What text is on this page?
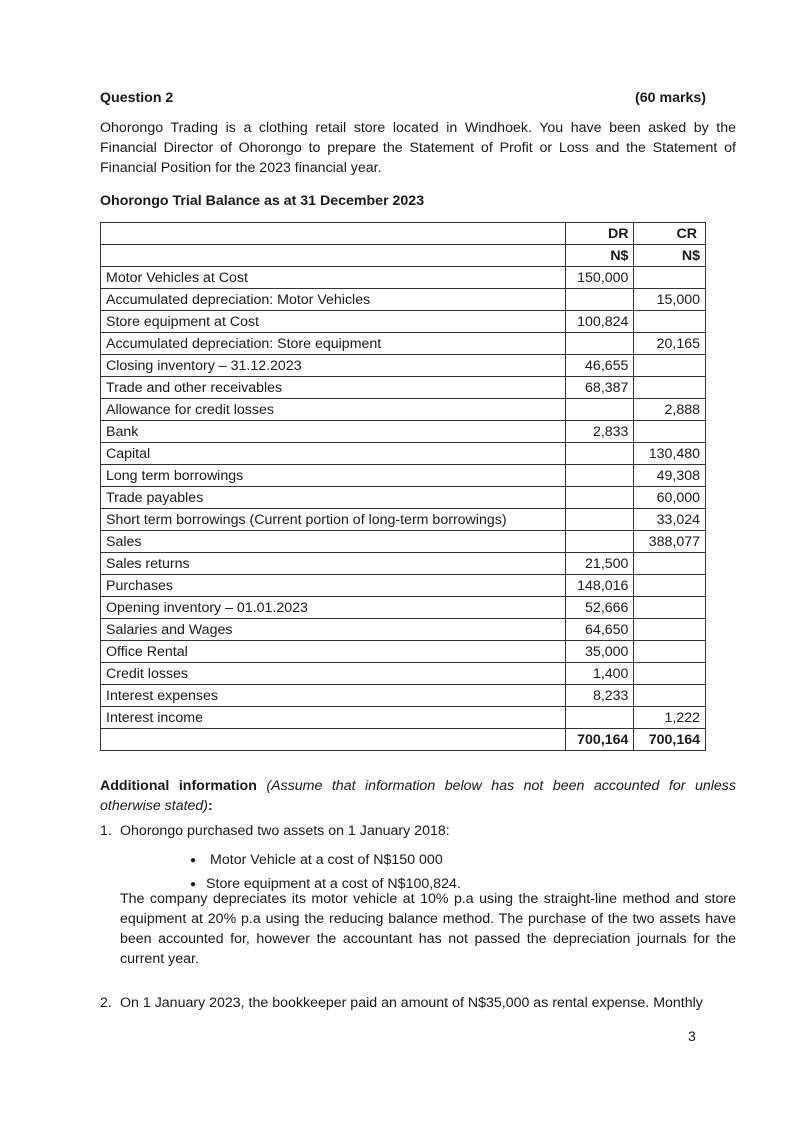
Question 2	(60 marks)
Ohorongo Trading is a clothing retail store located in Windhoek. You have been asked by the Financial Director of Ohorongo to prepare the Statement of Profit or Loss and the Statement of Financial Position for the 2023 financial year.
Ohorongo Trial Balance as at 31 December 2023
	DR	CR
	N$	N$
Motor Vehicles at Cost	150,000	
Accumulated depreciation: Motor Vehicles		15,000
Store equipment at Cost	100,824	
Accumulated depreciation: Store equipment		20,165
Closing inventory – 31.12.2023	46,655	
Trade and other receivables	68,387	
Allowance for credit losses		2,888
Bank	2,833	
Capital		130,480
Long term borrowings		49,308
Trade payables		60,000
Short term borrowings (Current portion of long-term borrowings)		33,024
Sales		388,077
Sales returns	21,500	
Purchases	148,016	
Opening inventory – 01.01.2023	52,666	
Salaries and Wages	64,650	
Office Rental	35,000	
Credit losses	1,400	
Interest expenses	8,233	
Interest income		1,222
	700,164	700,164
Additional information (Assume that information below has not been accounted for unless otherwise stated):
1. Ohorongo purchased two assets on 1 January 2018:
● Motor Vehicle at a cost of N$150 000
● Store equipment at a cost of N$100,824.
The company depreciates its motor vehicle at 10% p.a using the straight-line method and store equipment at 20% p.a using the reducing balance method. The purchase of the two assets have been accounted for, however the accountant has not passed the depreciation journals for the current year.
2. On 1 January 2023, the bookkeeper paid an amount of N$35,000 as rental expense. Monthly
3
